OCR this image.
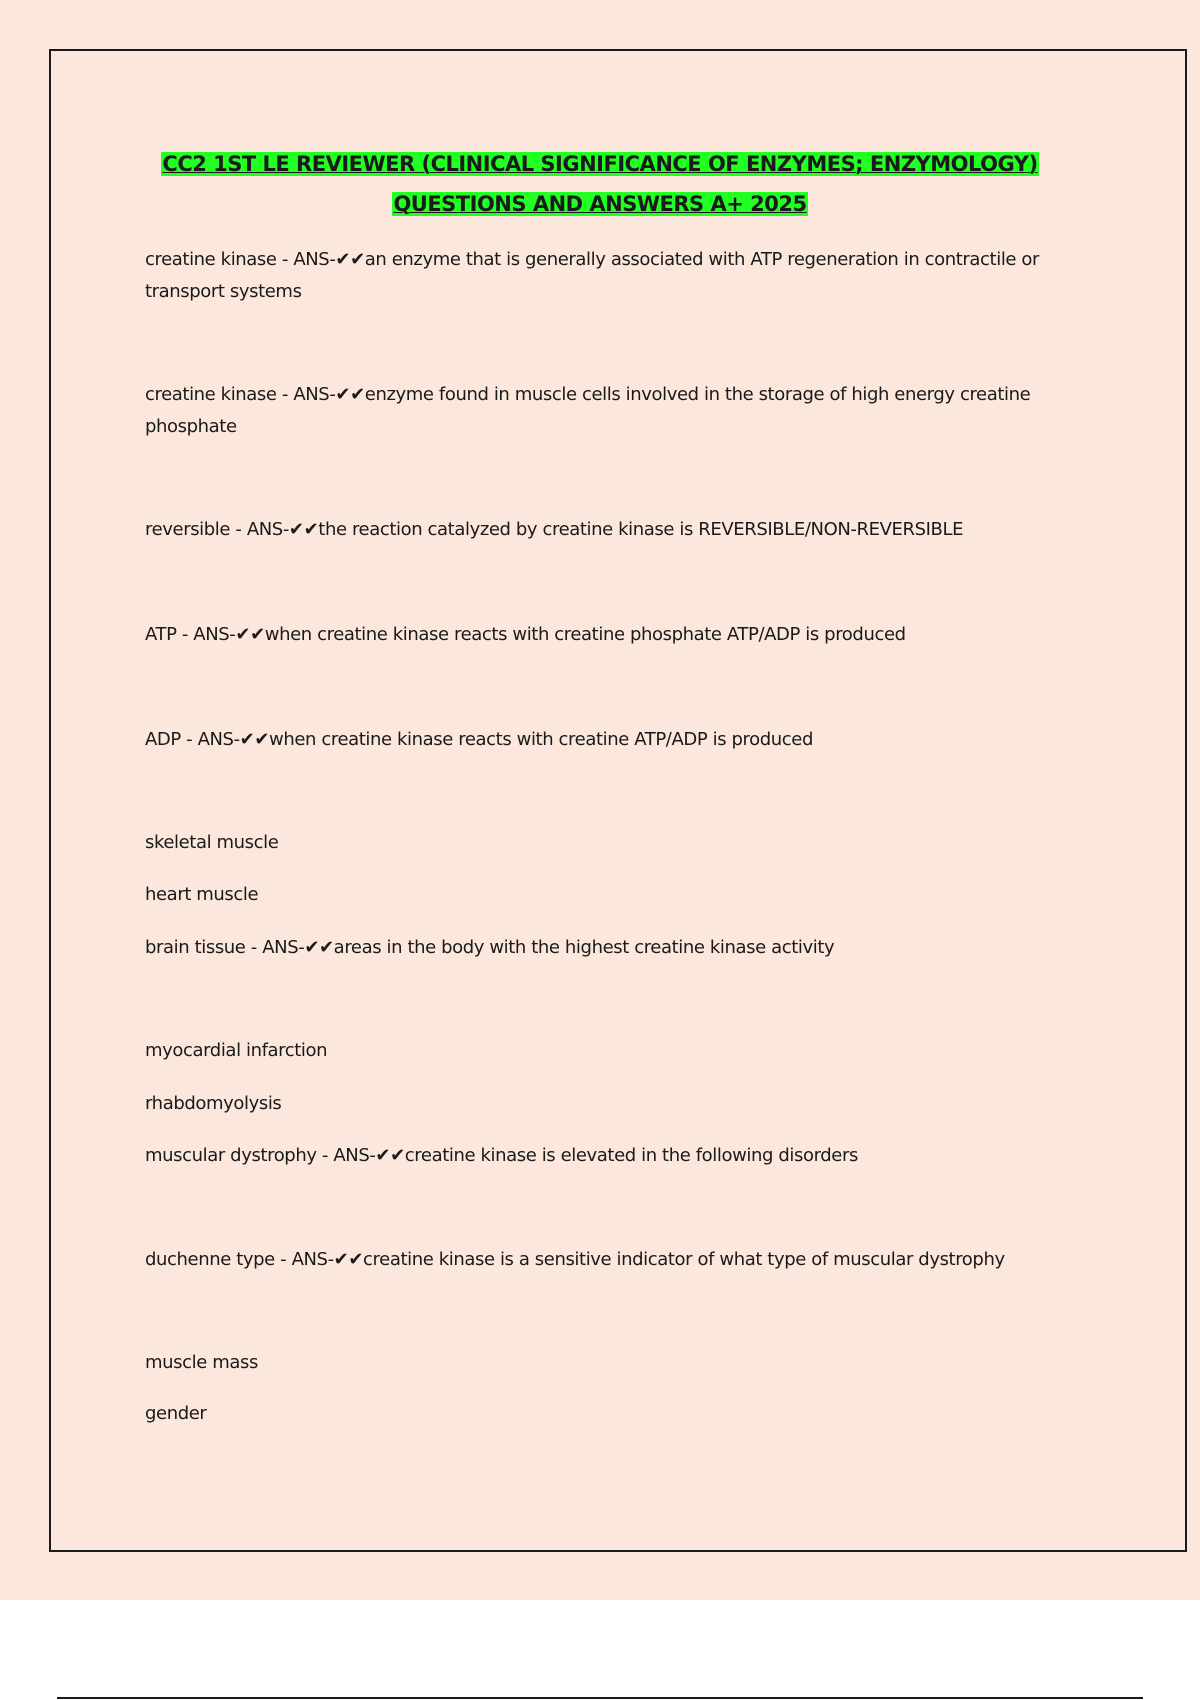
CC2 1ST LE REVIEWER (CLINICAL SIGNIFICANCE OF ENZYMES; ENZYMOLOGY)
QUESTIONS AND ANSWERS A+ 2025
creatine kinase - ANS-✔✔an enzyme that is generally associated with ATP regeneration in contractile or transport systems
creatine kinase - ANS-✔✔enzyme found in muscle cells involved in the storage of high energy creatine phosphate
reversible - ANS-✔✔the reaction catalyzed by creatine kinase is REVERSIBLE/NON-REVERSIBLE
ATP - ANS-✔✔when creatine kinase reacts with creatine phosphate ATP/ADP is produced
ADP - ANS-✔✔when creatine kinase reacts with creatine ATP/ADP is produced
skeletal muscle
heart muscle
brain tissue - ANS-✔✔areas in the body with the highest creatine kinase activity
myocardial infarction
rhabdomyolysis
muscular dystrophy - ANS-✔✔creatine kinase is elevated in the following disorders
duchenne type - ANS-✔✔creatine kinase is a sensitive indicator of what type of muscular dystrophy
muscle mass
gender
